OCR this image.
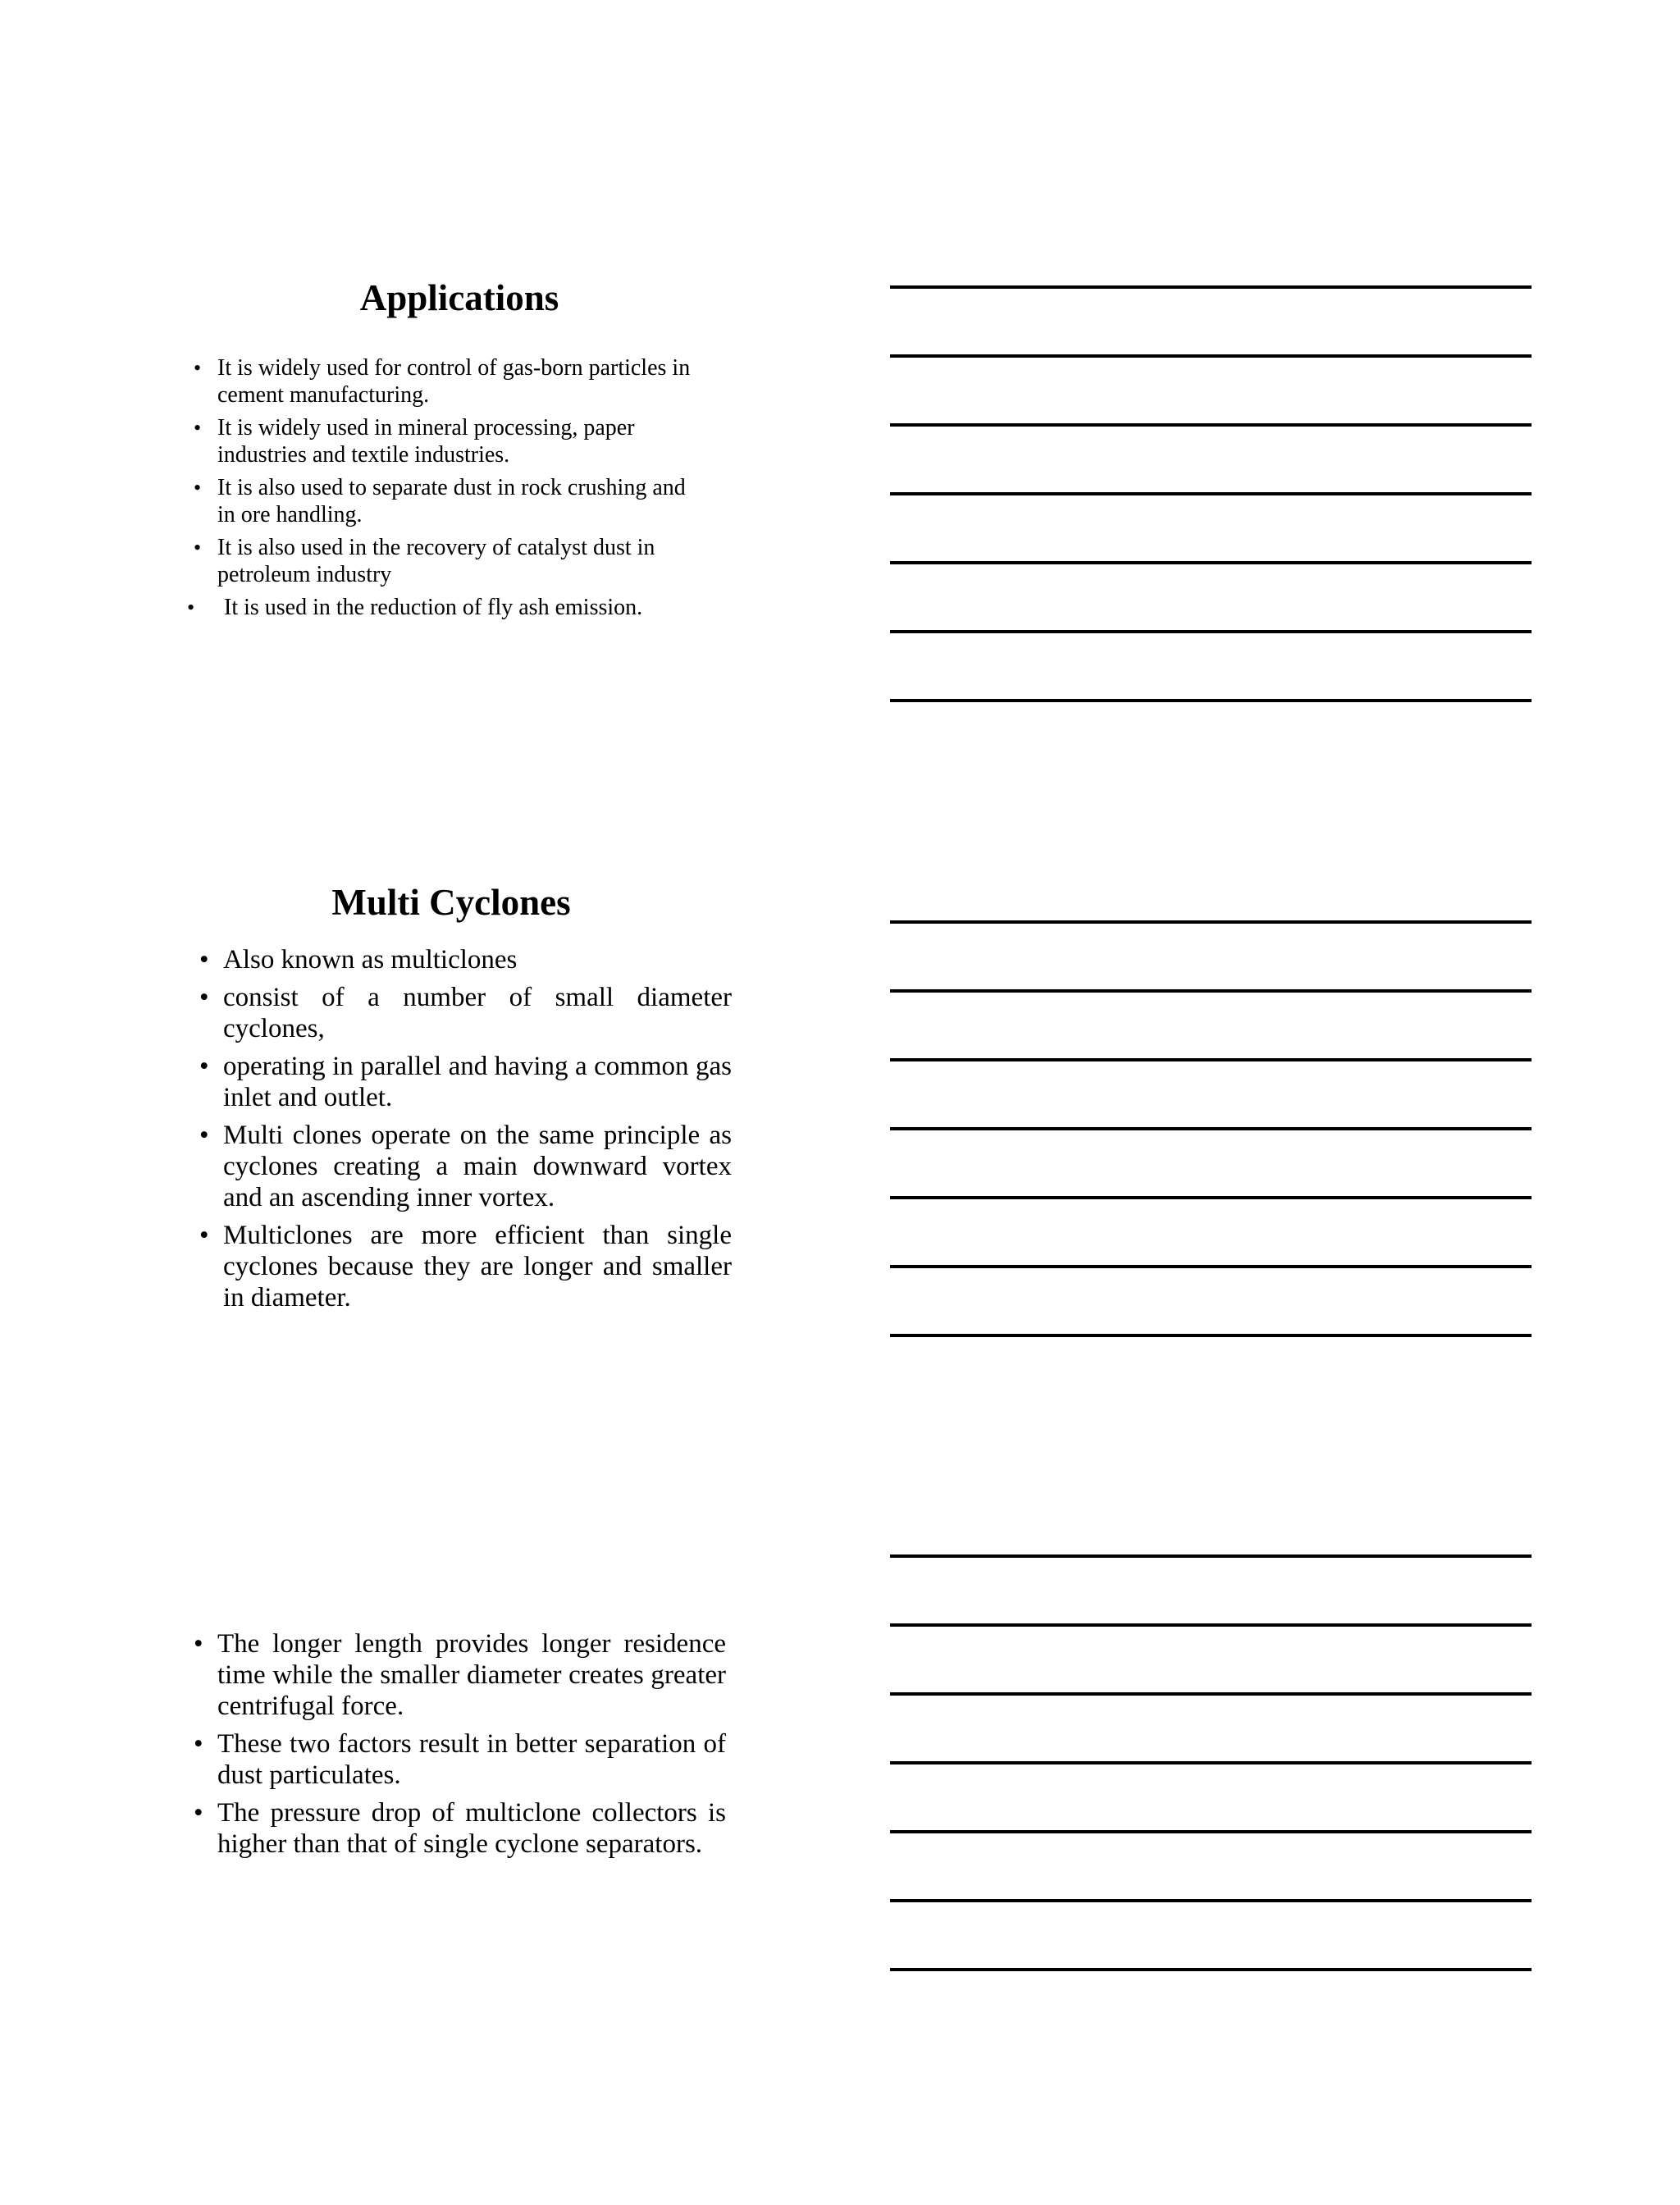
Applications
• It is widely used for control of gas-born particles in cement manufacturing.
• It is widely used in mineral processing, paper industries and textile industries.
• It is also used to separate dust in rock crushing and in ore handling.
• It is also used in the recovery of catalyst dust in petroleum industry
• It is used in the reduction of fly ash emission.
Multi Cyclones
• Also known as multiclones
• consist of a number of small diameter cyclones,
• operating in parallel and having a common gas inlet and outlet.
• Multi clones operate on the same principle as cyclones creating a main downward vortex and an ascending inner vortex.
• Multiclones are more efficient than single cyclones because they are longer and smaller in diameter.
• The longer length provides longer residence time while the smaller diameter creates greater centrifugal force.
• These two factors result in better separation of dust particulates.
• The pressure drop of multiclone collectors is higher than that of single cyclone separators.
